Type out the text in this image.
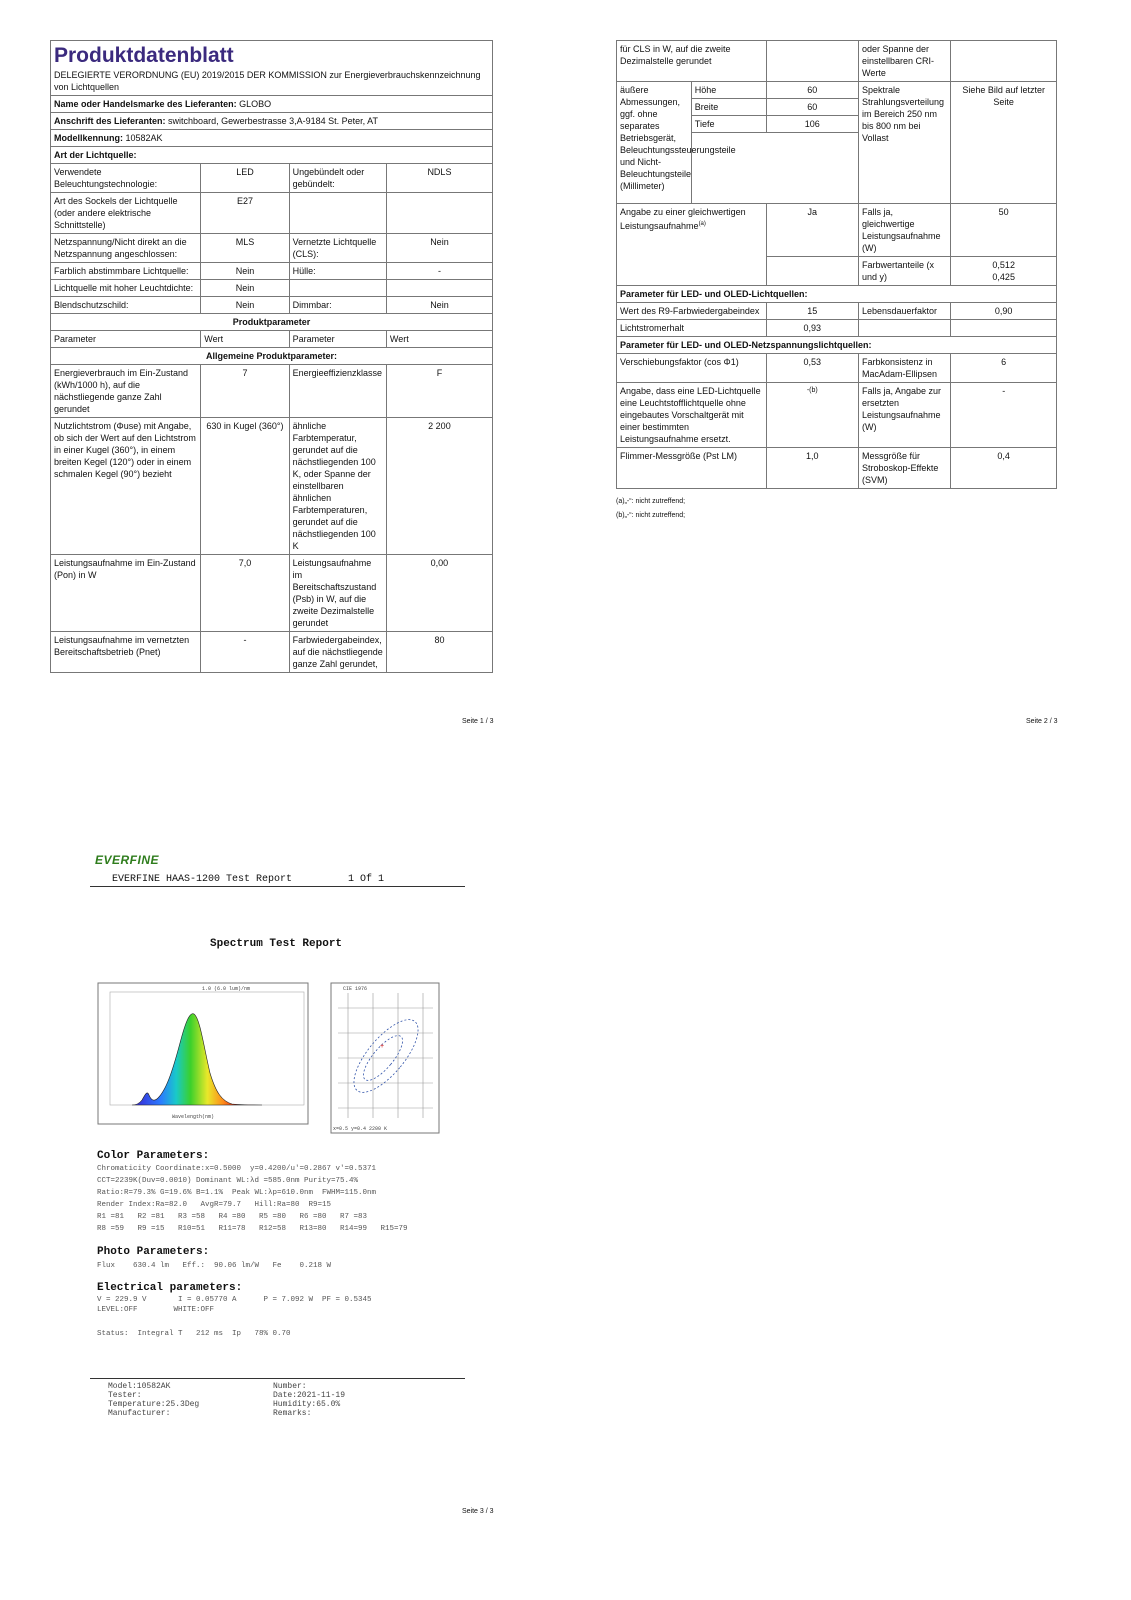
Produktdatenblatt
DELEGIERTE VERORDNUNG (EU) 2019/2015 DER KOMMISSION zur Energieverbrauchskennzeichnung von Lichtquellen			

Name oder Handelsmarke des Lieferanten: GLOBO			
Anschrift des Lieferanten: switchboard, Gewerbestrasse 3,A-9184 St. Peter, AT			
Modellkennung: 10582AK			
Art der Lichtquelle:			
Verwendete Beleuchtungstechnologie:	LED	Ungebündelt oder gebündelt:	NDLS
Art des Sockels der Lichtquelle (oder andere elektrische Schnittstelle)	E27		
Netzspannung/Nicht direkt an die Netzspannung angeschlossen:	MLS	Vernetzte Lichtquelle (CLS):	Nein
Farblich abstimmbare Lichtquelle:	Nein	Hülle:	-
Lichtquelle mit hoher Leuchtdichte:	Nein		
Blendschutzschild:	Nein	Dimmbar:	Nein
Produktparameter			
Parameter	Wert	Parameter	Wert
Allgemeine Produktparameter:			
Energieverbrauch im Ein-Zustand (kWh/1000 h), auf die nächstliegende ganze Zahl gerundet	7	Energieeffizienzklasse	F
Nutzlichtstrom (Φuse) mit Angabe, ob sich der Wert auf den Lichtstrom in einer Kugel (360°), in einem breiten Kegel (120°) oder in einem schmalen Kegel (90°) bezieht	630 in Kugel (360°)	ähnliche Farbtemperatur, gerundet auf die nächstliegenden 100 K, oder Spanne der einstellbaren ähnlichen Farbtemperaturen, gerundet auf die nächstliegenden 100 K	2 200
Leistungsaufnahme im Ein-Zustand (Pon) in W	7,0	Leistungsaufnahme im Bereitschaftszustand (Psb) in W, auf die zweite Dezimalstelle gerundet	0,00
Leistungsaufnahme im vernetzten Bereitschaftsbetrieb (Pnet)	-	Farbwiedergabeindex, auf die nächstliegende ganze Zahl gerundet,	80
Seite 1 / 3
für CLS in W, auf die zweite Dezimalstelle gerundet			oder Spanne der einstellbaren CRI-Werte	
äußere Abmessungen, ggf. ohne separates Betriebsgerät, Beleuchtungssteuerungsteile und Nicht-Beleuchtungsteile (Millimeter)	Höhe	60	Spektrale Strahlungsverteilung im Bereich 250 nm bis 800 nm bei Vollast	Siehe Bild auf letzter Seite
	Breite	60		
	Tiefe	106		

Angabe zu einer gleichwertigen Leistungsaufnahme$^{(a)}$		Ja	Falls ja, gleichwertige Leistungsaufnahme (W)	50
			Farbwertanteile (x und y)	0,512
0,425

Parameter für LED- und OLED-Lichtquellen:				
Wert des R9-Farbwiedergabeindex		15	Lebensdauerfaktor	0,90
Lichtstromerhalt		0,93		
Parameter für LED- und OLED-Netzspannungslichtquellen:				
Verschiebungsfaktor (cos Φ1)		0,53	Farbkonsistenz in MacAdam-Ellipsen	6
Angabe, dass eine LED-Lichtquelle eine Leuchtstofflichtquelle ohne eingebautes Vorschaltgerät mit einer bestimmten Leistungsaufnahme ersetzt.		-(b)	Falls ja, Angabe zur ersetzten Leistungsaufnahme (W)	-
Flimmer-Messgröße (Pst LM)		1,0	Messgröße für Stroboskop-Effekte (SVM)	0,4
(a)„-“: nicht zutreffend;
(b)„-“: nicht zutreffend;
Seite 2 / 3
EVERFINE
EVERFINE HAAS-1200 Test Report	1 Of 1
Spectrum Test Report
1.0 (6.0 lum)/nm
Wavelength(nm)
+
CIE 1976
x=0.5 y=0.4 2200 K
Color Parameters:
Chromaticity Coordinate:x=0.5000  y=0.4200/u'=0.2867 v'=0.5371
CCT=2239K(Duv=0.0010) Dominant WL:λd =585.0nm Purity=75.4%
Ratio:R=79.3% G=19.6% B=1.1%  Peak WL:λp=610.0nm  FWHM=115.0nm
Render Index:Ra=82.0   AvgR=79.7   Hill:Ra=80  R9=15
R1 =81   R2 =81   R3 =58   R4 =80   R5 =80   R6 =80   R7 =83
R8 =59   R9 =15   R10=51   R11=78   R12=58   R13=80   R14=99   R15=79
Photo Parameters:
Flux    630.4 lm   Eff.:  90.06 lm/W   Fe    0.218 W
Electrical parameters:
V = 229.9 V       I = 0.05770 A      P = 7.092 W  PF = 0.5345
LEVEL:OFF        WHITE:OFF
Status:  Integral T   212 ms  Ip   78% 0.70
Model:10582AK	Number:
Tester:	Date:2021-11-19
Temperature:25.3Deg	Humidity:65.0%
Manufacturer:	Remarks:
Seite 3 / 3
